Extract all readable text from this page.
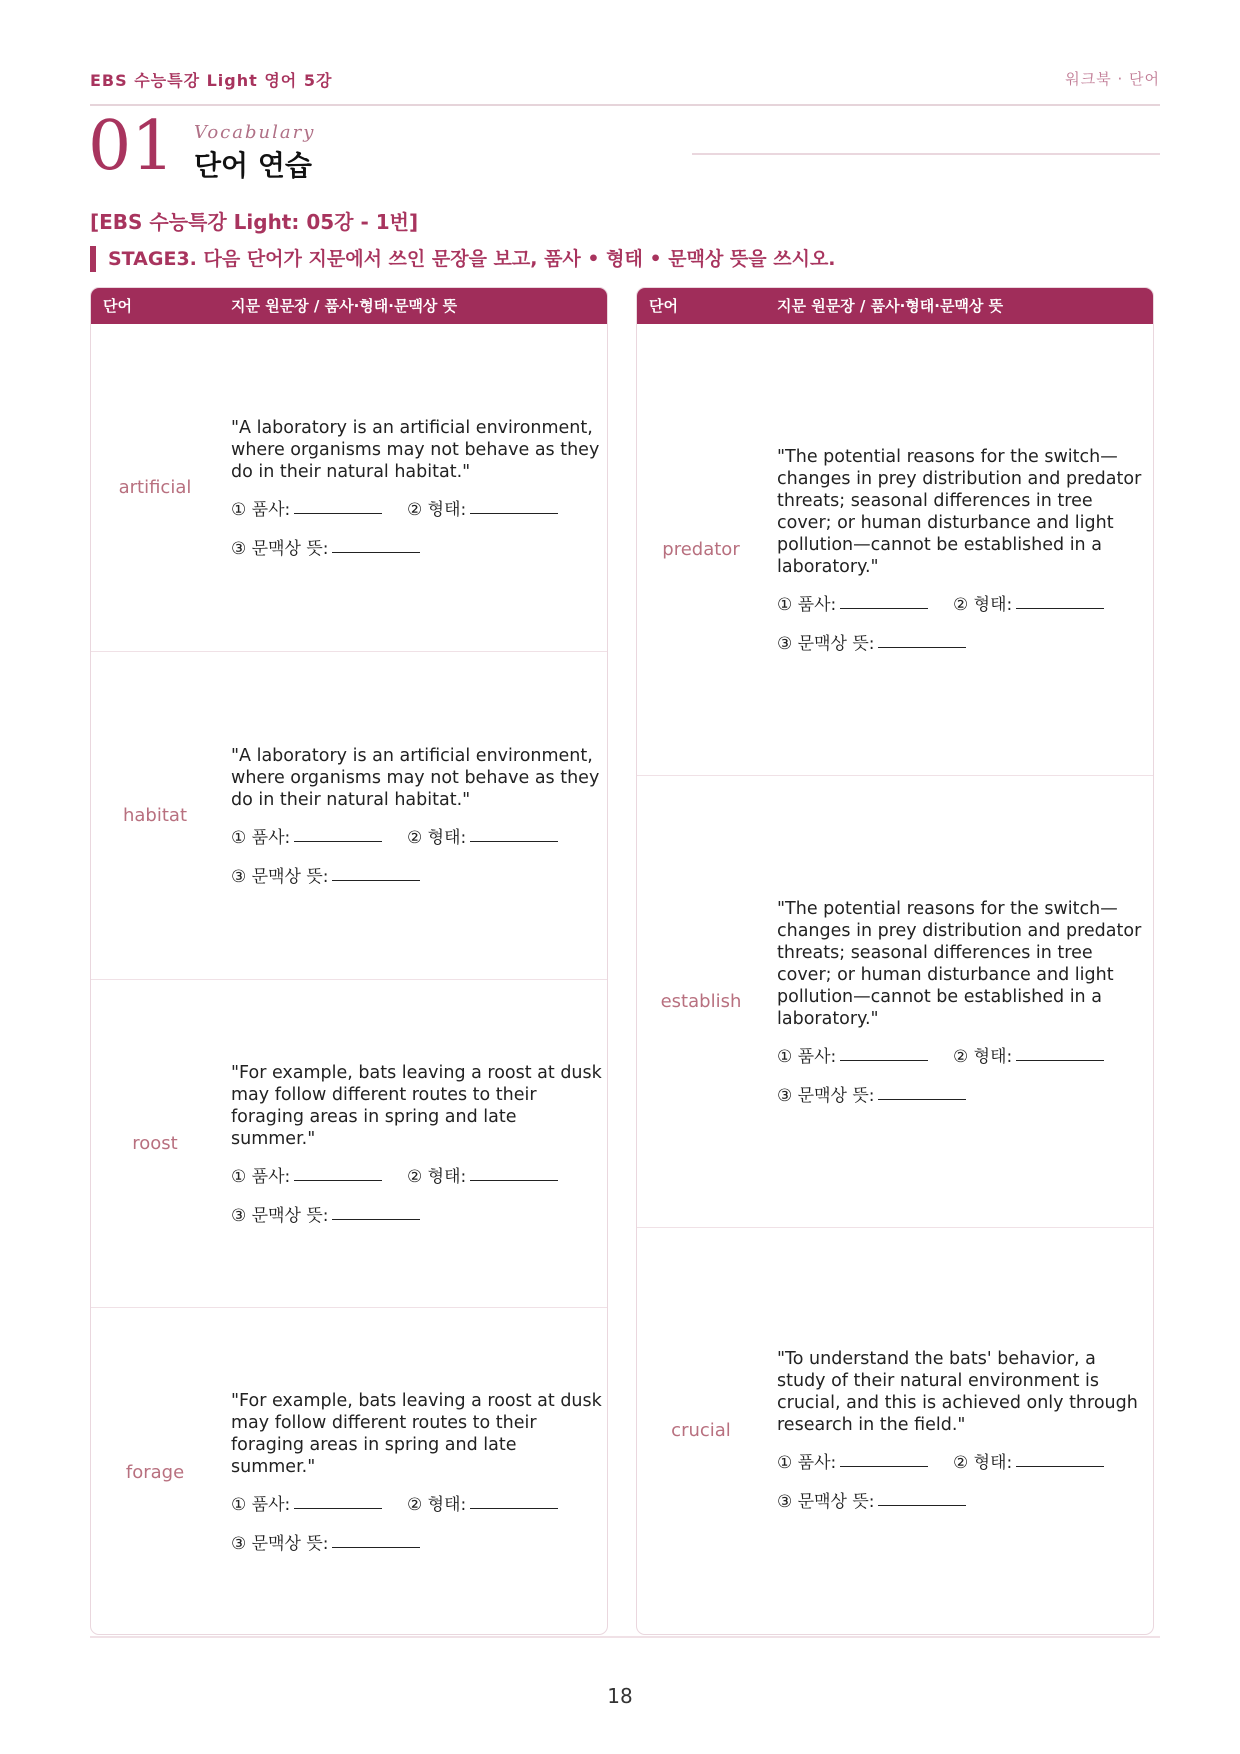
EBS 수능특강 Light 영어 5강	워크북 · 단어
01 Vocabulary
단어 연습
[EBS 수능특강 Light: 05강 - 1번]
STAGE3. 다음 단어가 지문에서 쓰인 문장을 보고, 품사 • 형태 • 문맥상 뜻을 쓰시오.
단어	지문 원문장 / 품사·형태·문맥상 뜻
artificial
"A laboratory is an artificial environment, where organisms may not behave as they do in their natural habitat."
① 품사:	② 형태:
③ 문맥상 뜻:
habitat
"A laboratory is an artificial environment, where organisms may not behave as they do in their natural habitat."
① 품사:	② 형태:
③ 문맥상 뜻:
roost
"For example, bats leaving a roost at dusk may follow different routes to their foraging areas in spring and late summer."
① 품사:	② 형태:
③ 문맥상 뜻:
forage
"For example, bats leaving a roost at dusk may follow different routes to their foraging areas in spring and late summer."
① 품사:	② 형태:
③ 문맥상 뜻:
단어	지문 원문장 / 품사·형태·문맥상 뜻
predator
"The potential reasons for the switch—changes in prey distribution and predator threats; seasonal differences in tree cover; or human disturbance and light pollution—cannot be established in a laboratory."
① 품사:	② 형태:
③ 문맥상 뜻:
establish
"The potential reasons for the switch—changes in prey distribution and predator threats; seasonal differences in tree cover; or human disturbance and light pollution—cannot be established in a laboratory."
① 품사:	② 형태:
③ 문맥상 뜻:
crucial
"To understand the bats' behavior, a study of their natural environment is crucial, and this is achieved only through research in the field."
① 품사:	② 형태:
③ 문맥상 뜻:
18
